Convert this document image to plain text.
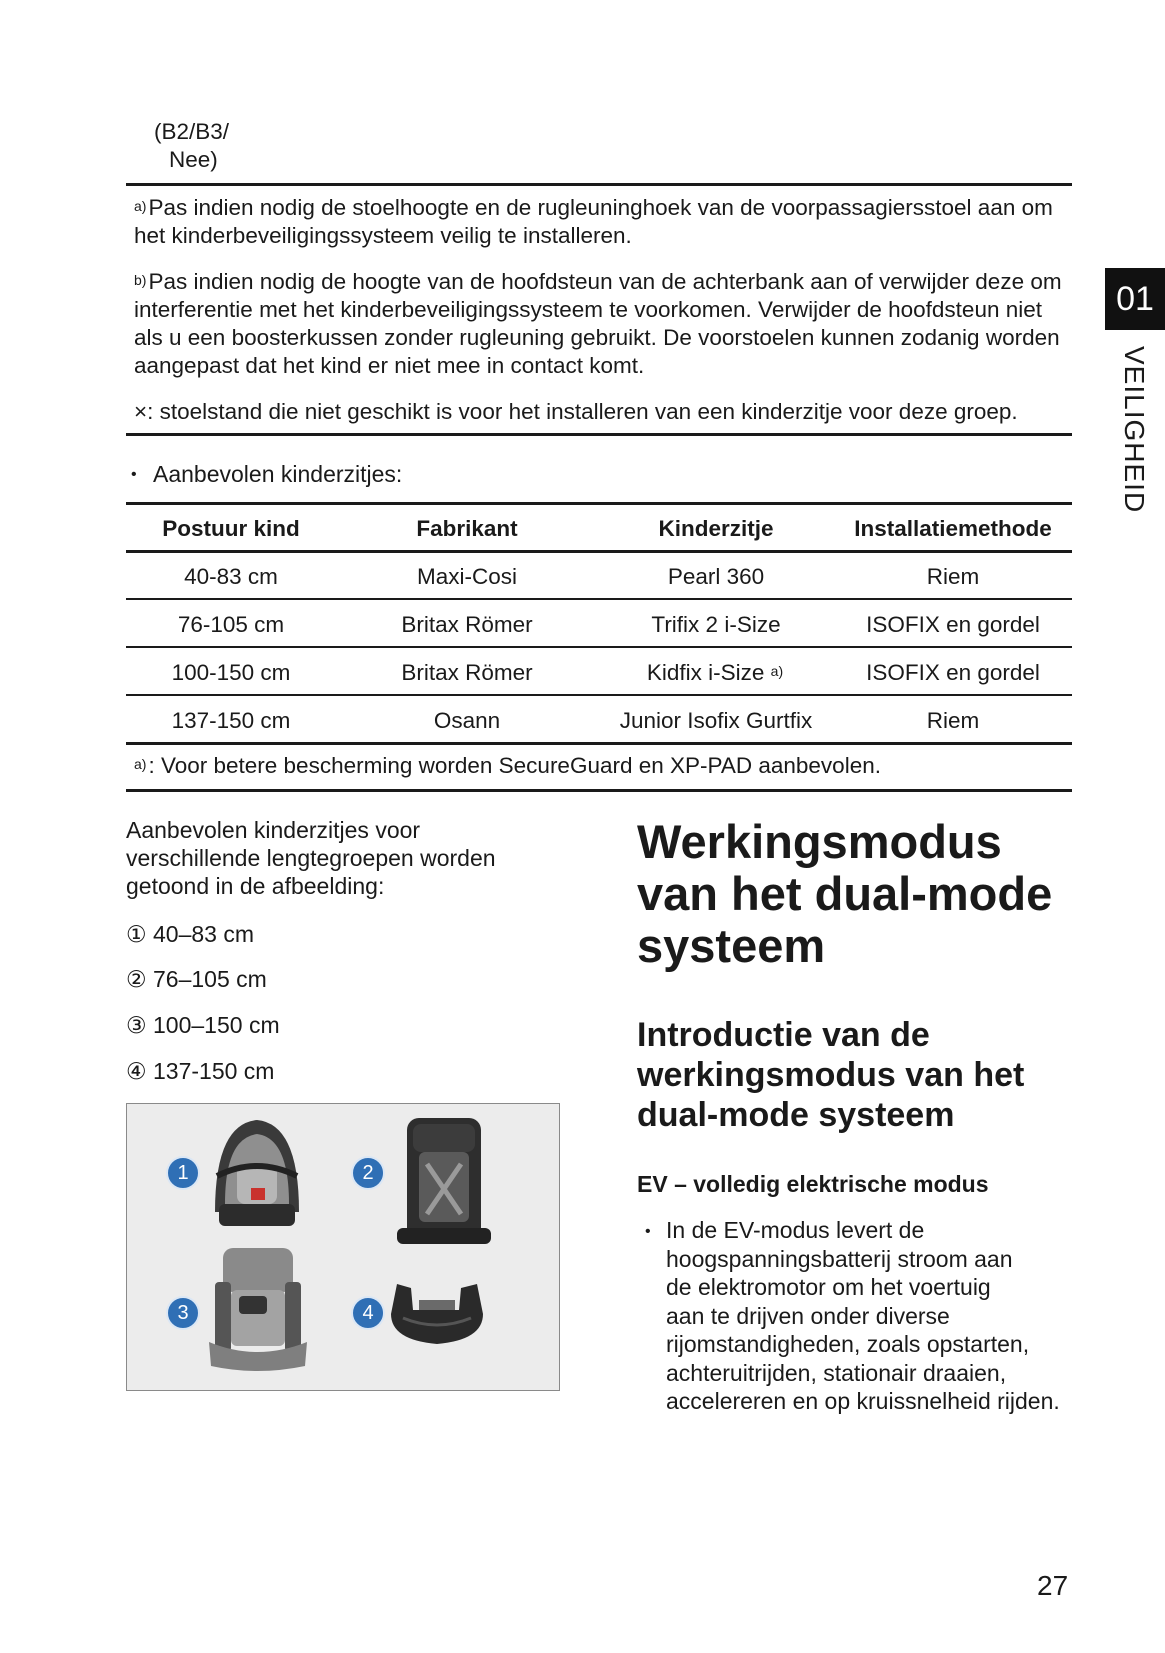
(B2/B3/
Nee)
$^{a)}$Pas indien nodig de stoelhoogte en de rugleuninghoek van de voorpassagiersstoel aan om het kinderbeveiligingssysteem veilig te installeren.
$^{b)}$Pas indien nodig de hoogte van de hoofdsteun van de achterbank aan of verwijder deze om interferentie met het kinderbeveiligingssysteem te voorkomen. Verwijder de hoofdsteun niet als u een boosterkussen zonder rugleuning gebruikt. De voorstoelen kunnen zodanig worden aangepast dat het kind er niet mee in contact komt.
×: stoelstand die niet geschikt is voor het installeren van een kinderzitje voor deze groep.
• Aanbevolen kinderzitjes:
Postuur kind	Fabrikant	Kinderzitje	Installatiemethode
40-83 cm	Maxi-Cosi	Pearl 360	Riem
76-105 cm	Britax Römer	Trifix 2 i-Size	ISOFIX en gordel
100-150 cm	Britax Römer	Kidfix i-Size $^{a)}$	ISOFIX en gordel
137-150 cm	Osann	Junior Isofix Gurtfix	Riem
$^{a)}$: Voor betere bescherming worden SecureGuard en XP-PAD aanbevolen.
Aanbevolen kinderzitjes voor
verschillende lengtegroepen worden
getoond in de afbeelding:
① 40–83 cm
② 76–105 cm
③ 100–150 cm
④ 137-150 cm
1	2
3	4
Werkingsmodus
van het dual-mode
systeem
Introductie van de
werkingsmodus van het
dual-mode systeem
EV – volledig elektrische modus
• In de EV-modus levert de
hoogspanningsbatterij stroom aan
de elektromotor om het voertuig
aan te drijven onder diverse
rijomstandigheden, zoals opstarten,
achteruitrijden, stationair draaien,
accelereren en op kruissnelheid rijden.
01
VEILIGHEID
27
